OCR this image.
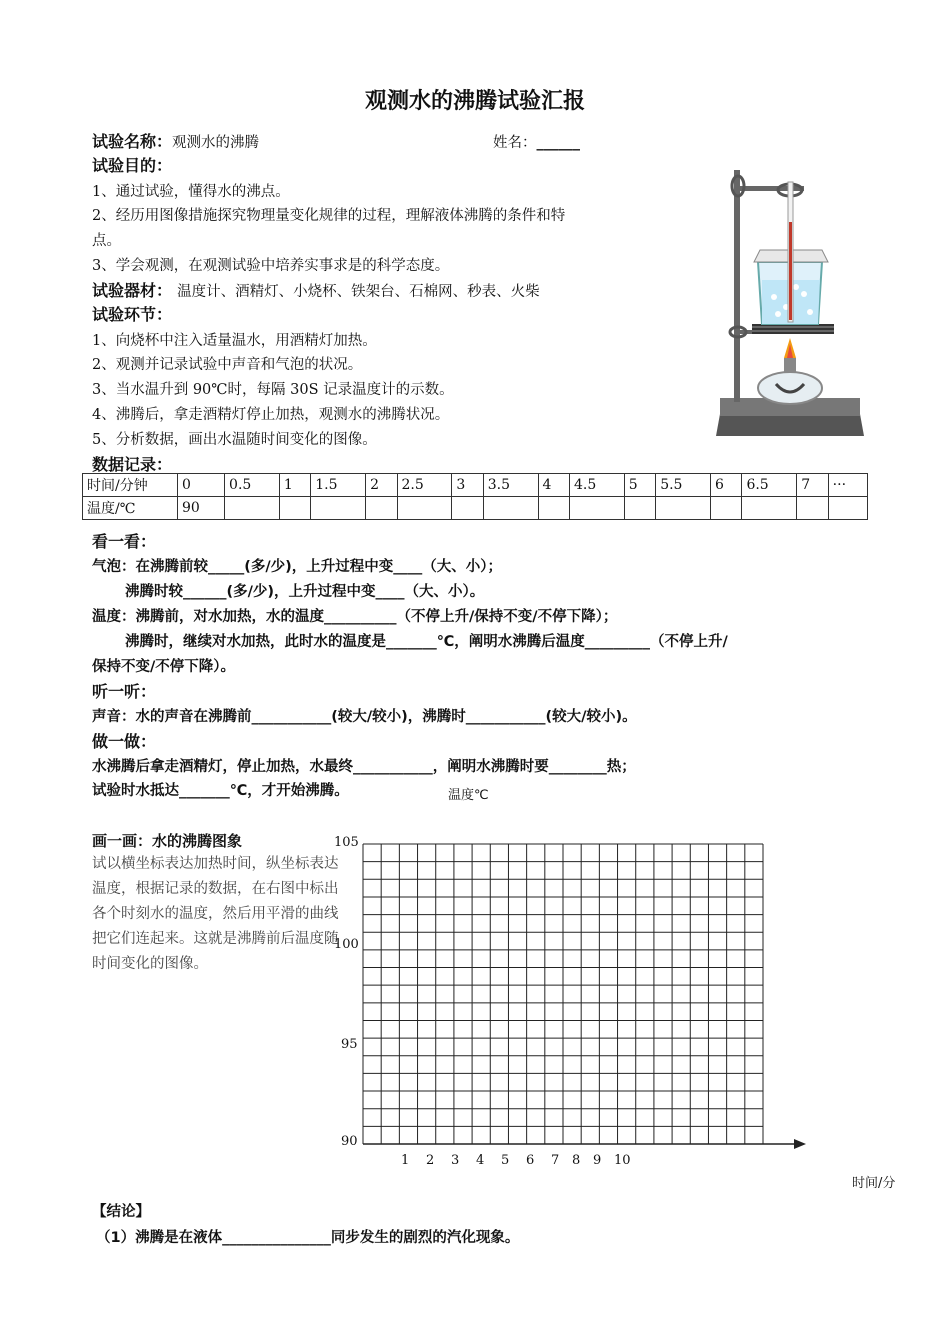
观测水的沸腾试验汇报
试验名称：观测水的沸腾	姓名：______
试验目的：
1、通过试验，懂得水的沸点。
2、经历用图像措施探究物理量变化规律的过程，理解液体沸腾的条件和特
点。
3、学会观测，在观测试验中培养实事求是的科学态度。
试验器材： 温度计、酒精灯、小烧杯、铁架台、石棉网、秒表、火柴
试验环节：
1、向烧杯中注入适量温水，用酒精灯加热。
2、观测并记录试验中声音和气泡的状况。
3、当水温升到 90℃时，每隔 30S 记录温度计的示数。
4、沸腾后，拿走酒精灯停止加热，观测水的沸腾状况。
5、分析数据，画出水温随时间变化的图像。
数据记录：
时间/分钟	0	0.5	1	1.5	2	2.5	3	3.5	4	4.5	5	5.5	6	6.5	7	···
温度/℃	90															
看一看：
气泡：在沸腾前较_____(多/少)，上升过程中变____（大、小）；
沸腾时较______(多/少)，上升过程中变____（大、小）。
温度：沸腾前，对水加热，水的温度__________（不停上升/保持不变/不停下降）；
沸腾时，继续对水加热，此时水的温度是_______℃，阐明水沸腾后温度_________（不停上升/
保持不变/不停下降）。
听一听：
声音：水的声音在沸腾前___________(较大/较小)，沸腾时___________(较大/较小)。
做一做：
水沸腾后拿走酒精灯，停止加热，水最终___________，阐明水沸腾时要________热；
试验时水抵达_______℃，才开始沸腾。
画一画：水的沸腾图象
试以横坐标表达加热时间，纵坐标表达
温度，根据记录的数据，在右图中标出
各个时刻水的温度，然后用平滑的曲线
把它们连起来。这就是沸腾前后温度随
时间变化的图像。
温度℃
时间/分
105
100
95
90
1 2 3 4 5 6 7 8 9 10
【结论】
（1）沸腾是在液体_______________同步发生的剧烈的汽化现象。
